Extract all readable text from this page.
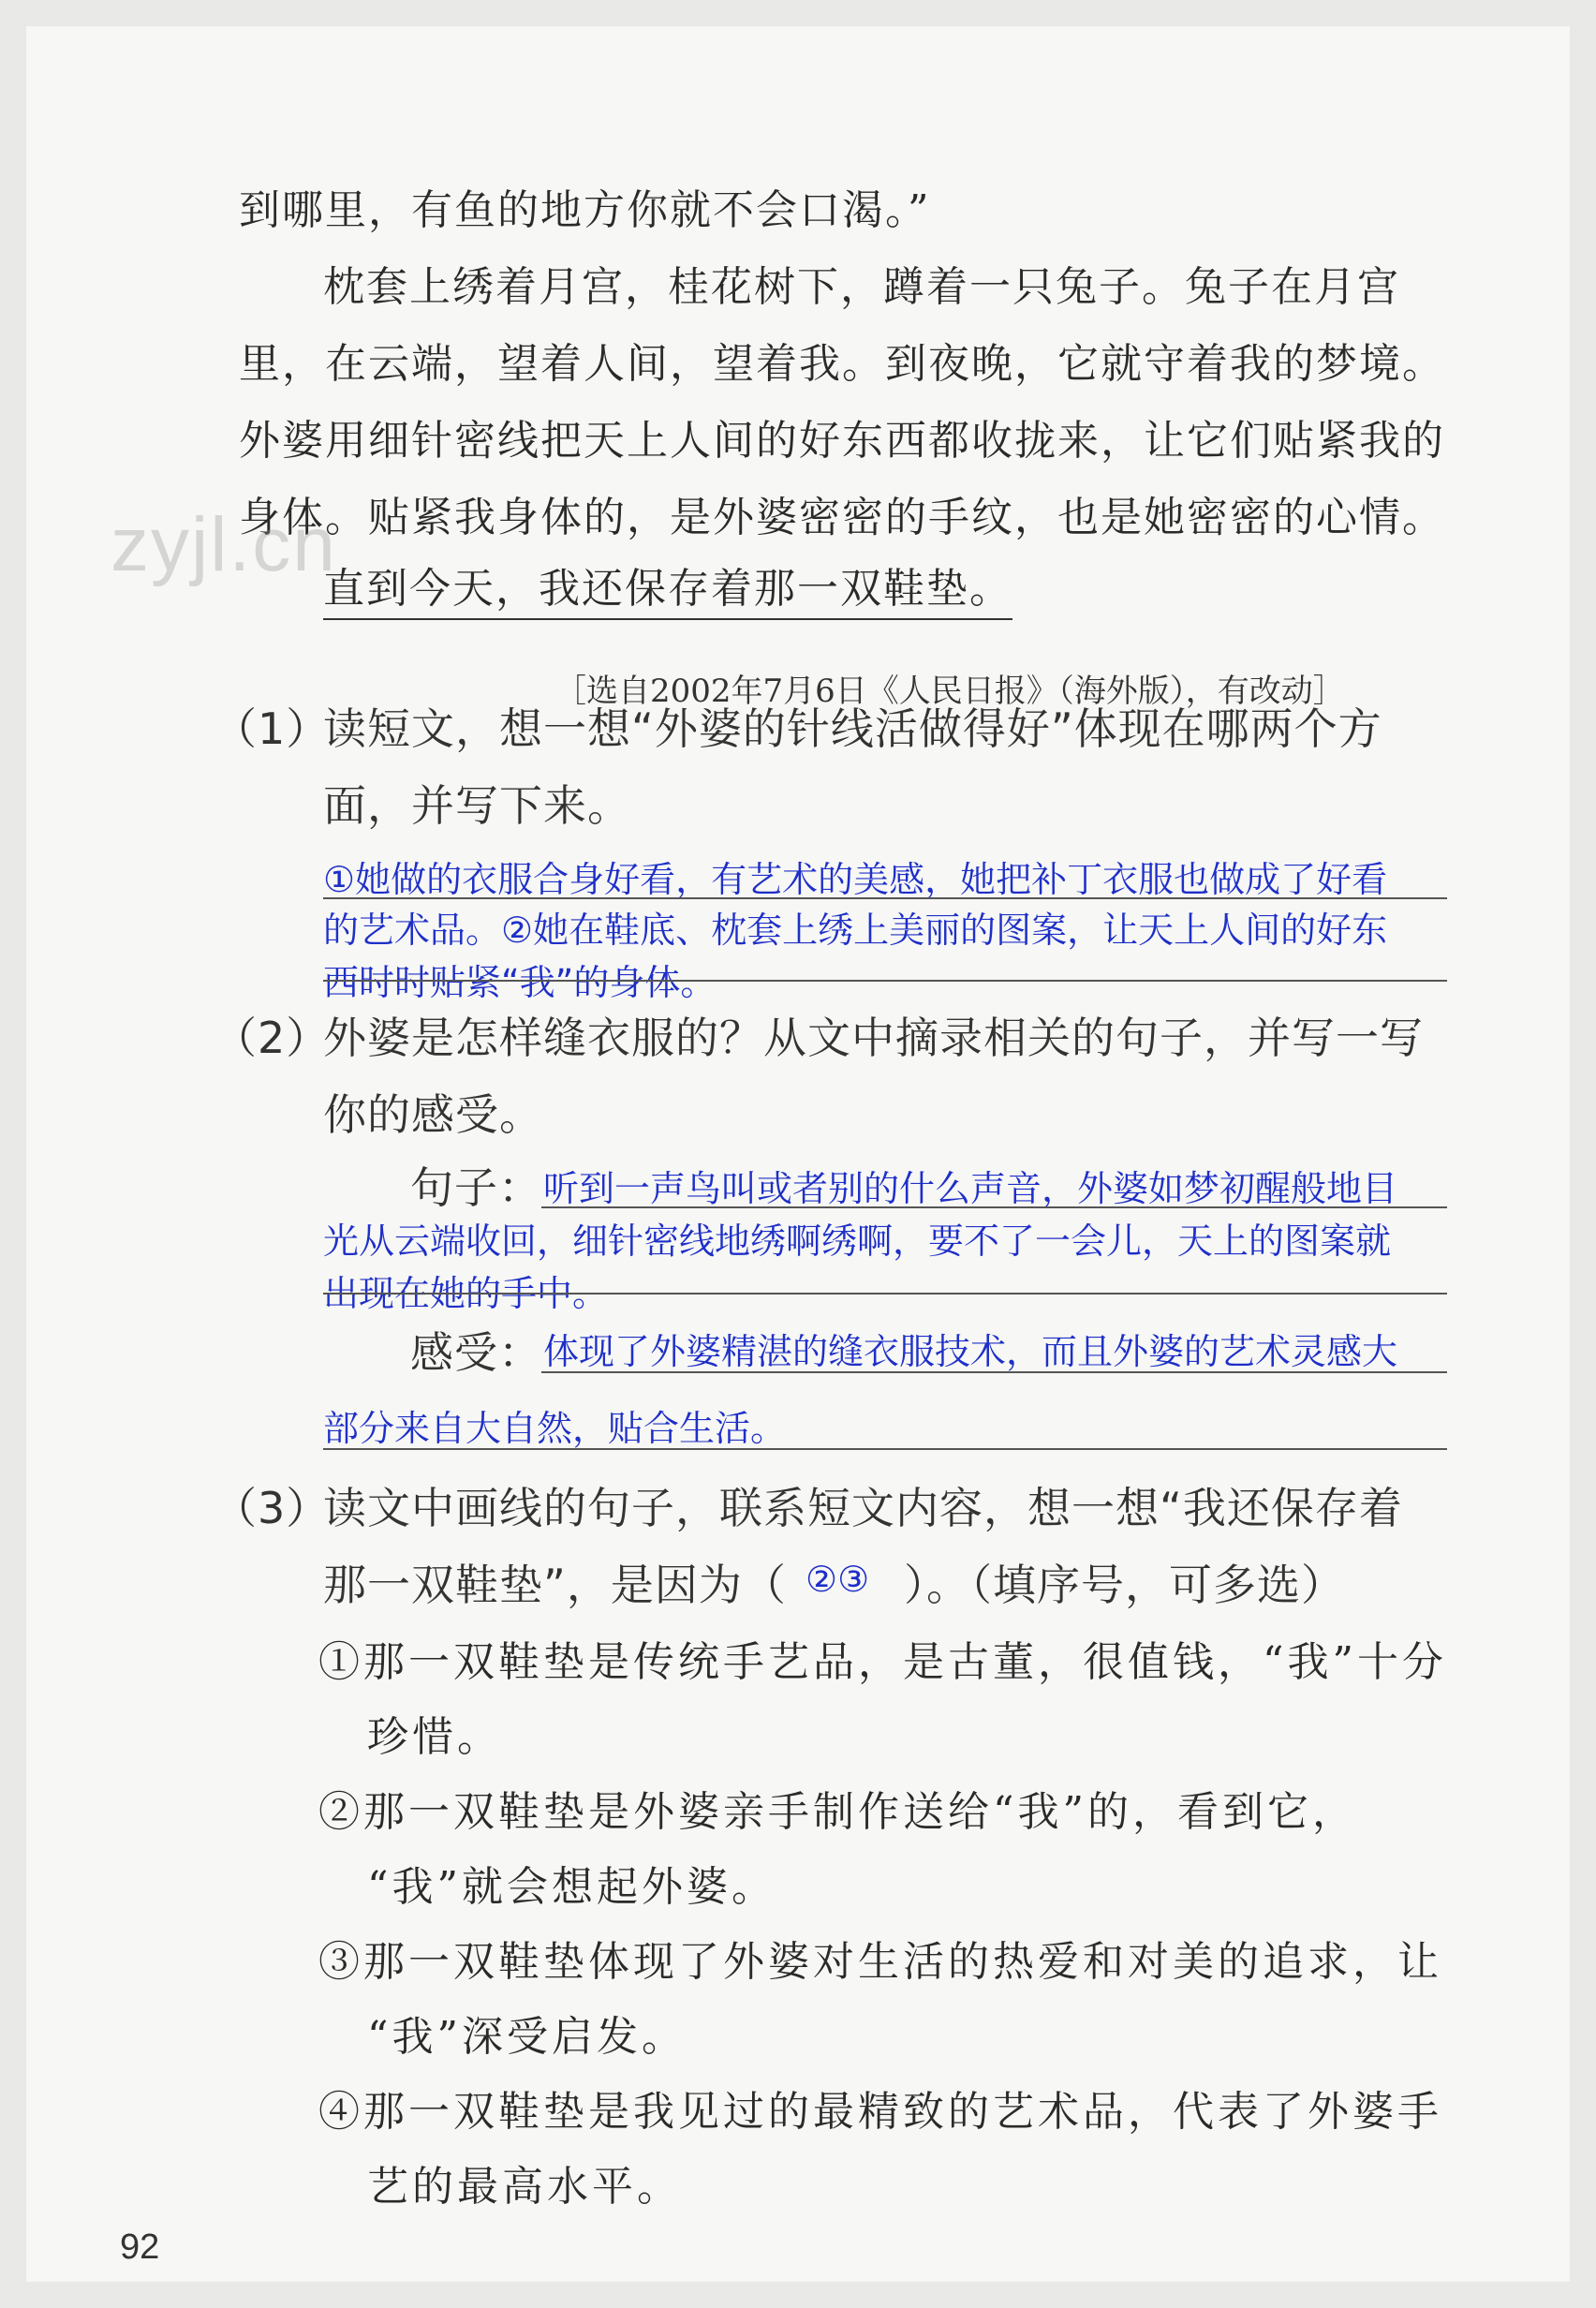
到哪里，有鱼的地方你就不会口渴。”
枕套上绣着月宫，桂花树下，蹲着一只兔子。兔子在月宫
里，在云端，望着人间，望着我。到夜晚，它就守着我的梦境。
外婆用细针密线把天上人间的好东西都收拢来，让它们贴紧我的
身体。贴紧我身体的，是外婆密密的手纹，也是她密密的心情。
zyjl.cn
直到今天，我还保存着那一双鞋垫。
［选自2002年7月6日《人民日报》（海外版），有改动］
（1）
读短文，想一想“外婆的针线活做得好”体现在哪两个方
面，并写下来。
①她做的衣服合身好看，有艺术的美感，她把补丁衣服也做成了好看
的艺术品。②她在鞋底、枕套上绣上美丽的图案，让天上人间的好东
西时时贴紧“我”的身体。
（2）
外婆是怎样缝衣服的？从文中摘录相关的句子，并写一写
你的感受。
句子： 听到一声鸟叫或者别的什么声音，外婆如梦初醒般地目
光从云端收回，细针密线地绣啊绣啊，要不了一会儿，天上的图案就
出现在她的手中。
感受： 体现了外婆精湛的缝衣服技术，而且外婆的艺术灵感大
部分来自大自然，贴合生活。
（3）
读文中画线的句子，联系短文内容，想一想“我还保存着
那一双鞋垫”，是因为（ ②③ ）。（填序号，可多选）
①那一双鞋垫是传统手艺品，是古董，很值钱，“我”十分
珍惜。
②那一双鞋垫是外婆亲手制作送给“我”的，看到它，
“我”就会想起外婆。
③那一双鞋垫体现了外婆对生活的热爱和对美的追求，让
“我”深受启发。
④那一双鞋垫是我见过的最精致的艺术品，代表了外婆手
艺的最高水平。
92
